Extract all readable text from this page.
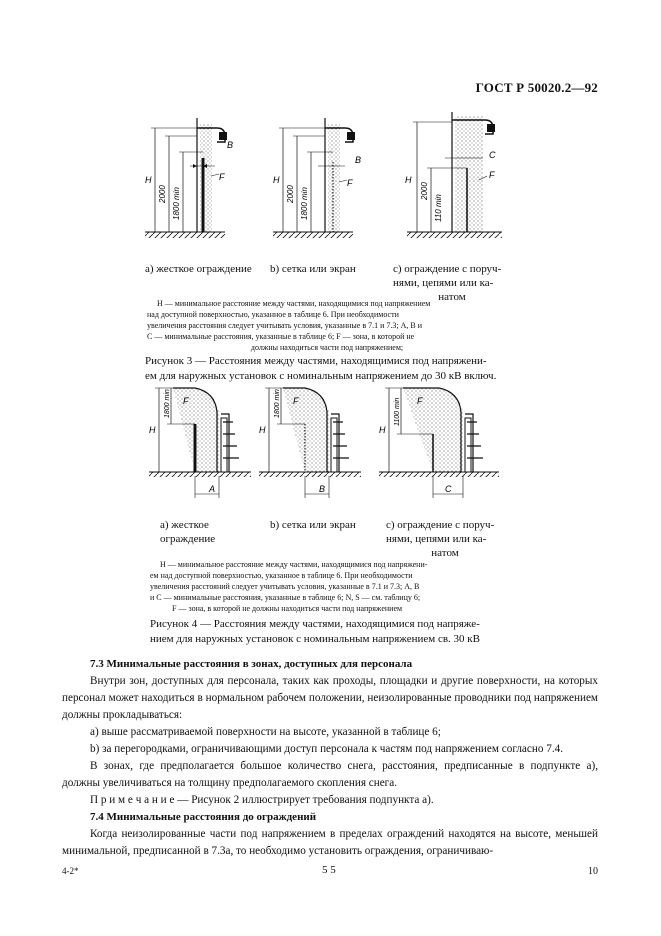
ГОСТ Р 50020.2—92
H
2000 1800 min
B
F	H
2000 1800 min
B
F	H
2000
110 min
C
F
а) жесткое ограждение b) сетка или экран	с) ограждение с поруч-
нями, цепями или ка-
натом
H — минимальное расстояние между частями, находящимися под напряжением
над доступной поверхностью, указанное в таблице 6. При необходимости
увеличения расстояния следует учитывать условия, указанные в 7.1 и 7.3; A, B и
C — минимальные расстояния, указанные в таблице 6; F — зона, в которой не
должны находиться части под напряжением;
Рисунок 3 — Расстояния между частями, находящимися под напряжени-
ем для наружных установок с номинальным напряжением до 30 кВ включ.
H
1800 min F
A
H
1800 min F
B
H
1100 min F
C
а) жесткое
ограждение
b) сетка или экран	с) ограждение с поруч-
нями, цепями или ка-
натом
H — минимальное расстояние между частями, находящимися под напряжени-
ем над доступной поверхностью, указанное в таблице 6. При необходимости
увеличения расстояний следует учитывать условия, указанные в 7.1 и 7.3; A, B
и C — минимальные расстояния, указанные в таблице 6; N, S — см. таблицу 6;
F — зона, в которой не должны находиться части под напряжением
Рисунок 4 — Расстояния между частями, находящимися под напряже-
нием для наружных установок с номинальным напряжением св. 30 кВ
7.3 Минимальные расстояния в зонах, доступных для персонала
Внутри зон, доступных для персонала, таких как проходы, площадки и другие поверхности, на которых персонал может находиться в нормальном рабочем положении, неизолированные проводники под напряжением должны прокладываться:
а) выше рассматриваемой поверхности на высоте, указанной в таблице 6;
b) за перегородками, ограничивающими доступ персонала к частям под напряжением согласно 7.4.
В зонах, где предполагается большое количество снега, расстояния, предписанные в подпункте а), должны увеличиваться на толщину предполагаемого скопления снега.
П р и м е ч а н и е — Рисунок 2 иллюстрирует требования подпункта а).
7.4 Минимальные расстояния до ограждений
Когда неизолированные части под напряжением в пределах ограждений находятся на высоте, меньшей минимальной, предписанной в 7.3а, то необходимо установить ограждения, ограничиваю-
4-2*	5 5	10
